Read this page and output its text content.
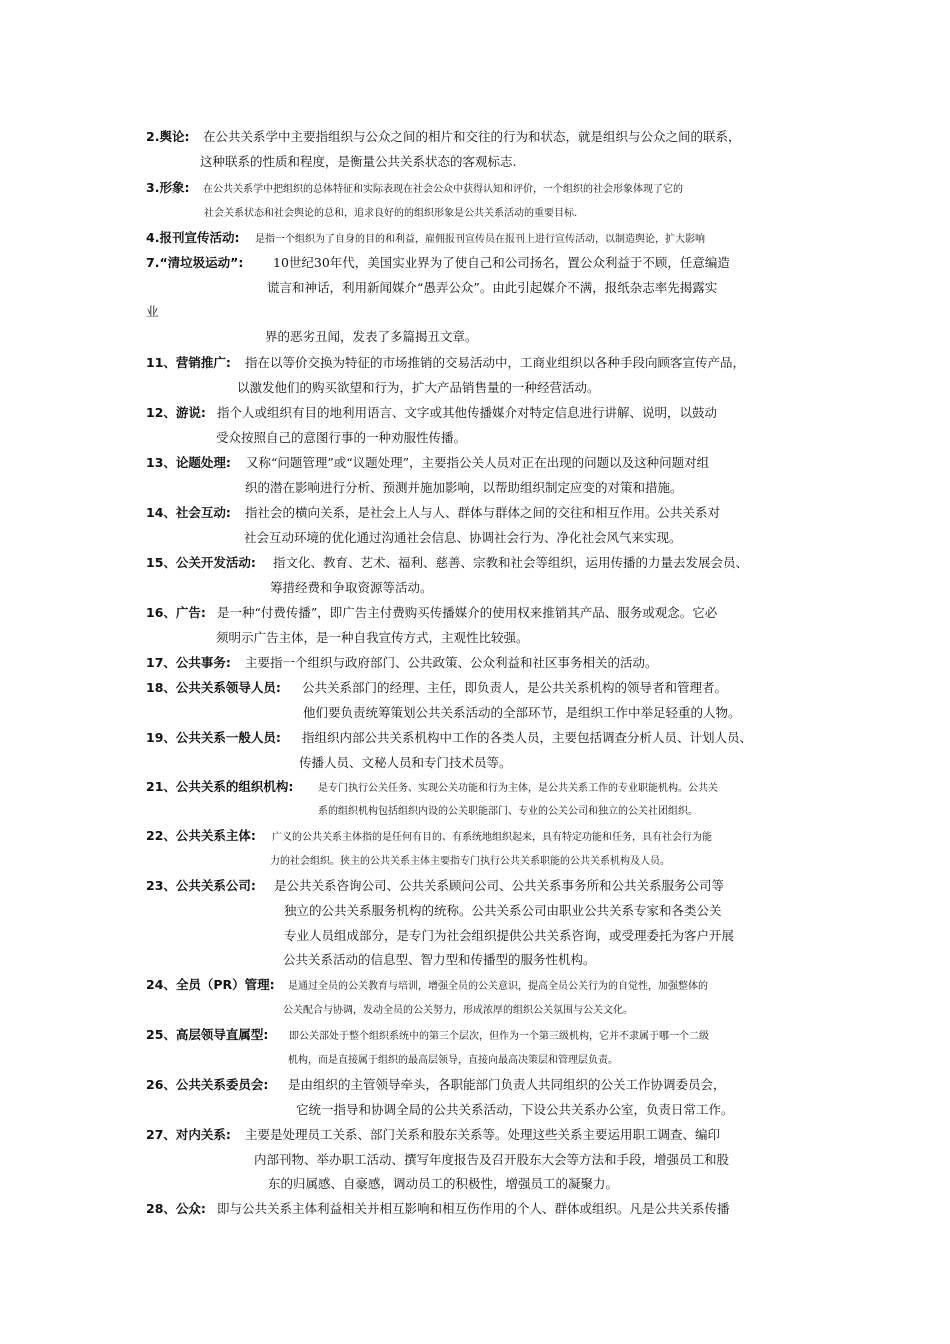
2.舆论: 在公共关系学中主要指组织与公众之间的相片和交往的行为和状态，就是组织与公众之间的联系，
这种联系的性质和程度，是衡量公共关系状态的客观标志.
3.形象: 在公共关系学中把组织的总体特征和实际表现在社会公众中获得认知和评价，一个组织的社会形象体现了它的
社会关系状态和社会舆论的总和，追求良好的的组织形象是公共关系活动的重要目标.
4.报刊宣传活动: 是指一个组织为了自身的目的和利益，雇佣报刊宣传员在报刊上进行宣传活动，以制造舆论，扩大影响
7.“清垃圾运动”: 10世纪30年代，美国实业界为了使自己和公司扬名，置公众利益于不顾，任意编造
谎言和神话，利用新闻媒介“愚弄公众”。由此引起媒介不满，报纸杂志率先揭露实
业
界的恶劣丑闻，发表了多篇揭丑文章。
11、营销推广: 指在以等价交换为特征的市场推销的交易活动中，工商业组织以各种手段向顾客宣传产品，
以激发他们的购买欲望和行为，扩大产品销售量的一种经营活动。
12、游说: 指个人或组织有目的地利用语言、文字或其他传播媒介对特定信息进行讲解、说明，以鼓动
受众按照自己的意图行事的一种劝服性传播。
13、论题处理: 又称“问题管理”或“议题处理”，主要指公关人员对正在出现的问题以及这种问题对组
织的潜在影响进行分析、预测并施加影响，以帮助组织制定应变的对策和措施。
14、社会互动: 指社会的横向关系，是社会上人与人、群体与群体之间的交往和相互作用。公共关系对
社会互动环境的优化通过沟通社会信息、协调社会行为、净化社会风气来实现。
15、公关开发活动: 指文化、教育、艺术、福利、慈善、宗教和社会等组织，运用传播的力量去发展会员、
筹措经费和争取资源等活动。
16、广告: 是一种“付费传播”，即广告主付费购买传播媒介的使用权来推销其产品、服务或观念。它必
须明示广告主体，是一种自我宣传方式，主观性比较强。
17、公共事务: 主要指一个组织与政府部门、公共政策、公众利益和社区事务相关的活动。
18、公共关系领导人员: 公共关系部门的经理、主任，即负责人，是公共关系机构的领导者和管理者。
他们要负责统筹策划公共关系活动的全部环节，是组织工作中举足轻重的人物。
19、公共关系一般人员: 指组织内部公共关系机构中工作的各类人员，主要包括调查分析人员、计划人员、
传播人员、文秘人员和专门技术员等。
21、公共关系的组织机构: 是专门执行公关任务、实现公关功能和行为主体，是公共关系工作的专业职能机构。公共关
系的组织机构包括组织内设的公关职能部门、专业的公关公司和独立的公关社团组织。
22、公共关系主体: 广义的公共关系主体指的是任何有目的、有系统地组织起来，具有特定功能和任务，具有社会行为能
力的社会组织。狭主的公共关系主体主要指专门执行公共关系职能的公共关系机构及人员。
23、公共关系公司: 是公共关系咨询公司、公共关系顾问公司、公共关系事务所和公共关系服务公司等
独立的公共关系服务机构的统称。公共关系公司由职业公共关系专家和各类公关
专业人员组成部分，是专门为社会组织提供公共关系咨询，或受理委托为客户开展
公共关系活动的信息型、智力型和传播型的服务性机构。
24、全员（PR）管理: 是通过全员的公关教育与培训，增强全员的公关意识，提高全员公关行为的自觉性，加强整体的
公关配合与协调，发动全员的公关努力，形成浓厚的组织公关氛围与公关文化。
25、高层领导直属型: 即公关部处于整个组织系统中的第三个层次，但作为一个第三级机构，它并不隶属于哪一个二级
机构，而是直接属于组织的最高层领导，直接向最高决策层和管理层负责。
26、公共关系委员会: 是由组织的主管领导牵头，各职能部门负责人共同组织的公关工作协调委员会，
它统一指导和协调全局的公共关系活动，下设公共关系办公室，负责日常工作。
27、对内关系: 主要是处理员工关系、部门关系和股东关系等。处理这些关系主要运用职工调查、编印
内部刊物、举办职工活动、撰写年度报告及召开股东大会等方法和手段，增强员工和股
东的归属感、自豪感，调动员工的积极性，增强员工的凝聚力。
28、公众: 即与公共关系主体利益相关并相互影响和相互伤作用的个人、群体或组织。凡是公共关系传播
